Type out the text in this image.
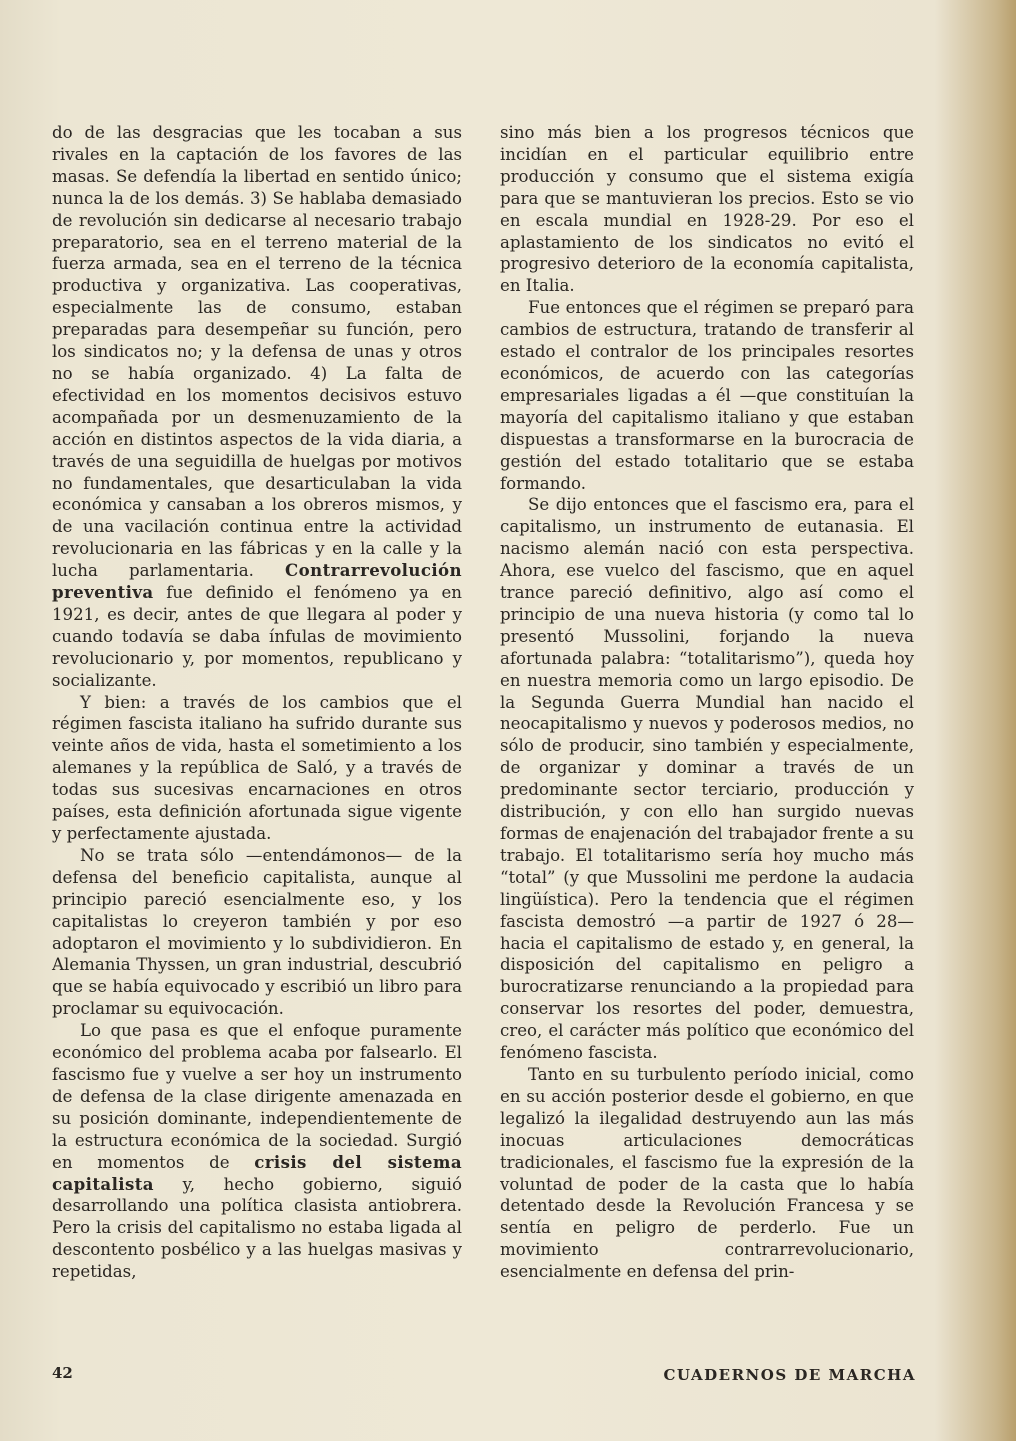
do de las desgracias que les tocaban a sus rivales en la captación de los favores de las masas. Se defendía la libertad en sentido único; nunca la de los demás. 3) Se hablaba demasiado de revolución sin dedicarse al necesario trabajo preparatorio, sea en el terreno material de la fuerza armada, sea en el terreno de la técnica productiva y organizativa. Las cooperativas, especialmente las de consumo, estaban preparadas para desempeñar su función, pero los sindicatos no; y la defensa de unas y otros no se había organizado. 4) La falta de efectividad en los momentos decisivos estuvo acompañada por un desmenuzamiento de la acción en distintos aspectos de la vida diaria, a través de una seguidilla de huelgas por motivos no fundamentales, que desarticulaban la vida económica y cansaban a los obreros mismos, y de una vacilación continua entre la actividad revolucionaria en las fábricas y en la calle y la lucha parlamentaria. Contrarrevolución preventiva fue definido el fenómeno ya en 1921, es decir, antes de que llegara al poder y cuando todavía se daba ínfulas de movimiento revolucionario y, por momentos, republicano y socializante.

Y bien: a través de los cambios que el régimen fascista italiano ha sufrido durante sus veinte años de vida, hasta el sometimiento a los alemanes y la república de Saló, y a través de todas sus sucesivas encarnaciones en otros países, esta definición afortunada sigue vigente y perfectamente ajustada.

No se trata sólo —entendámonos— de la defensa del beneficio capitalista, aunque al principio pareció esencialmente eso, y los capitalistas lo creyeron también y por eso adoptaron el movimiento y lo subdividieron. En Alemania Thyssen, un gran industrial, descubrió que se había equivocado y escribió un libro para proclamar su equivocación.

Lo que pasa es que el enfoque puramente económico del problema acaba por falsearlo. El fascismo fue y vuelve a ser hoy un instrumento de defensa de la clase dirigente amenazada en su posición dominante, independientemente de la estructura económica de la sociedad. Surgió en momentos de crisis del sistema capitalista y, hecho gobierno, siguió desarrollando una política clasista antiobrera. Pero la crisis del capitalismo no estaba ligada al descontento posbélico y a las huelgas masivas y repetidas,

sino más bien a los progresos técnicos que incidían en el particular equilibrio entre producción y consumo que el sistema exigía para que se mantuvieran los precios. Esto se vio en escala mundial en 1928-29. Por eso el aplastamiento de los sindicatos no evitó el progresivo deterioro de la economía capitalista, en Italia.

Fue entonces que el régimen se preparó para cambios de estructura, tratando de transferir al estado el contralor de los principales resortes económicos, de acuerdo con las categorías empresariales ligadas a él —que constituían la mayoría del capitalismo italiano y que estaban dispuestas a transformarse en la burocracia de gestión del estado totalitario que se estaba formando.

Se dijo entonces que el fascismo era, para el capitalismo, un instrumento de eutanasia. El nacismo alemán nació con esta perspectiva. Ahora, ese vuelco del fascismo, que en aquel trance pareció definitivo, algo así como el principio de una nueva historia (y como tal lo presentó Mussolini, forjando la nueva afortunada palabra: “totalitarismo”), queda hoy en nuestra memoria como un largo episodio. De la Segunda Guerra Mundial han nacido el neocapitalismo y nuevos y poderosos medios, no sólo de producir, sino también y especialmente, de organizar y dominar a través de un predominante sector terciario, producción y distribución, y con ello han surgido nuevas formas de enajenación del trabajador frente a su trabajo. El totalitarismo sería hoy mucho más “total” (y que Mussolini me perdone la audacia lingüística). Pero la tendencia que el régimen fascista demostró —a partir de 1927 ó 28— hacia el capitalismo de estado y, en general, la disposición del capitalismo en peligro a burocratizarse renunciando a la propiedad para conservar los resortes del poder, demuestra, creo, el carácter más político que económico del fenómeno fascista.

Tanto en su turbulento período inicial, como en su acción posterior desde el gobierno, en que legalizó la ilegalidad destruyendo aun las más inocuas articulaciones democráticas tradicionales, el fascismo fue la expresión de la voluntad de poder de la casta que lo había detentado desde la Revolución Francesa y se sentía en peligro de perderlo. Fue un movimiento contrarrevolucionario, esencialmente en defensa del prin-

42	CUADERNOS DE MARCHA
